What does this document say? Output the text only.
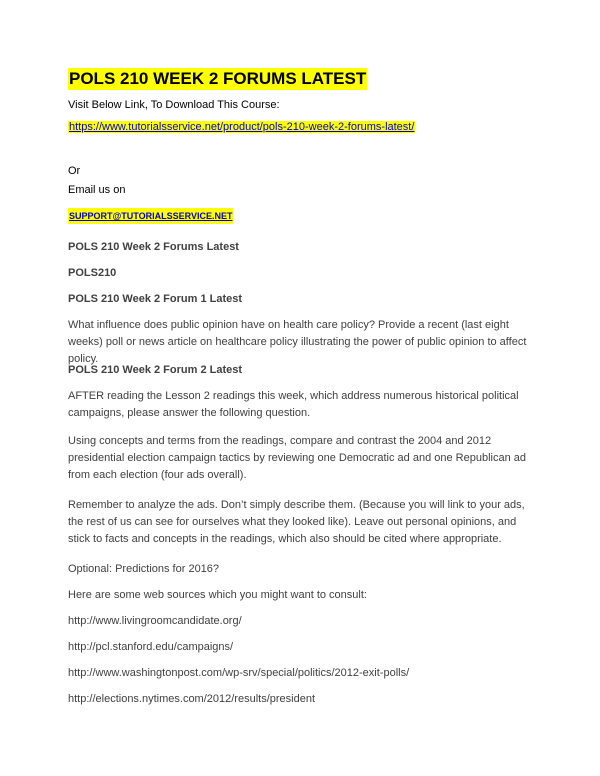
POLS 210 WEEK 2 FORUMS LATEST
Visit Below Link, To Download This Course:
https://www.tutorialsservice.net/product/pols-210-week-2-forums-latest/
Or
Email us on
SUPPORT@TUTORIALSSERVICE.NET
POLS 210 Week 2 Forums Latest
POLS210
POLS 210 Week 2 Forum 1 Latest
What influence does public opinion have on health care policy? Provide a recent (last eight weeks) poll or news article on healthcare policy illustrating the power of public opinion to affect policy.
POLS 210 Week 2 Forum 2 Latest
AFTER reading the Lesson 2 readings this week, which address numerous historical political campaigns, please answer the following question.
Using concepts and terms from the readings, compare and contrast the 2004 and 2012 presidential election campaign tactics by reviewing one Democratic ad and one Republican ad from each election (four ads overall).
Remember to analyze the ads. Don’t simply describe them. (Because you will link to your ads, the rest of us can see for ourselves what they looked like). Leave out personal opinions, and stick to facts and concepts in the readings, which also should be cited where appropriate.
Optional: Predictions for 2016?
Here are some web sources which you might want to consult:
http://www.livingroomcandidate.org/
http://pcl.stanford.edu/campaigns/
http://www.washingtonpost.com/wp-srv/special/politics/2012-exit-polls/
http://elections.nytimes.com/2012/results/president
